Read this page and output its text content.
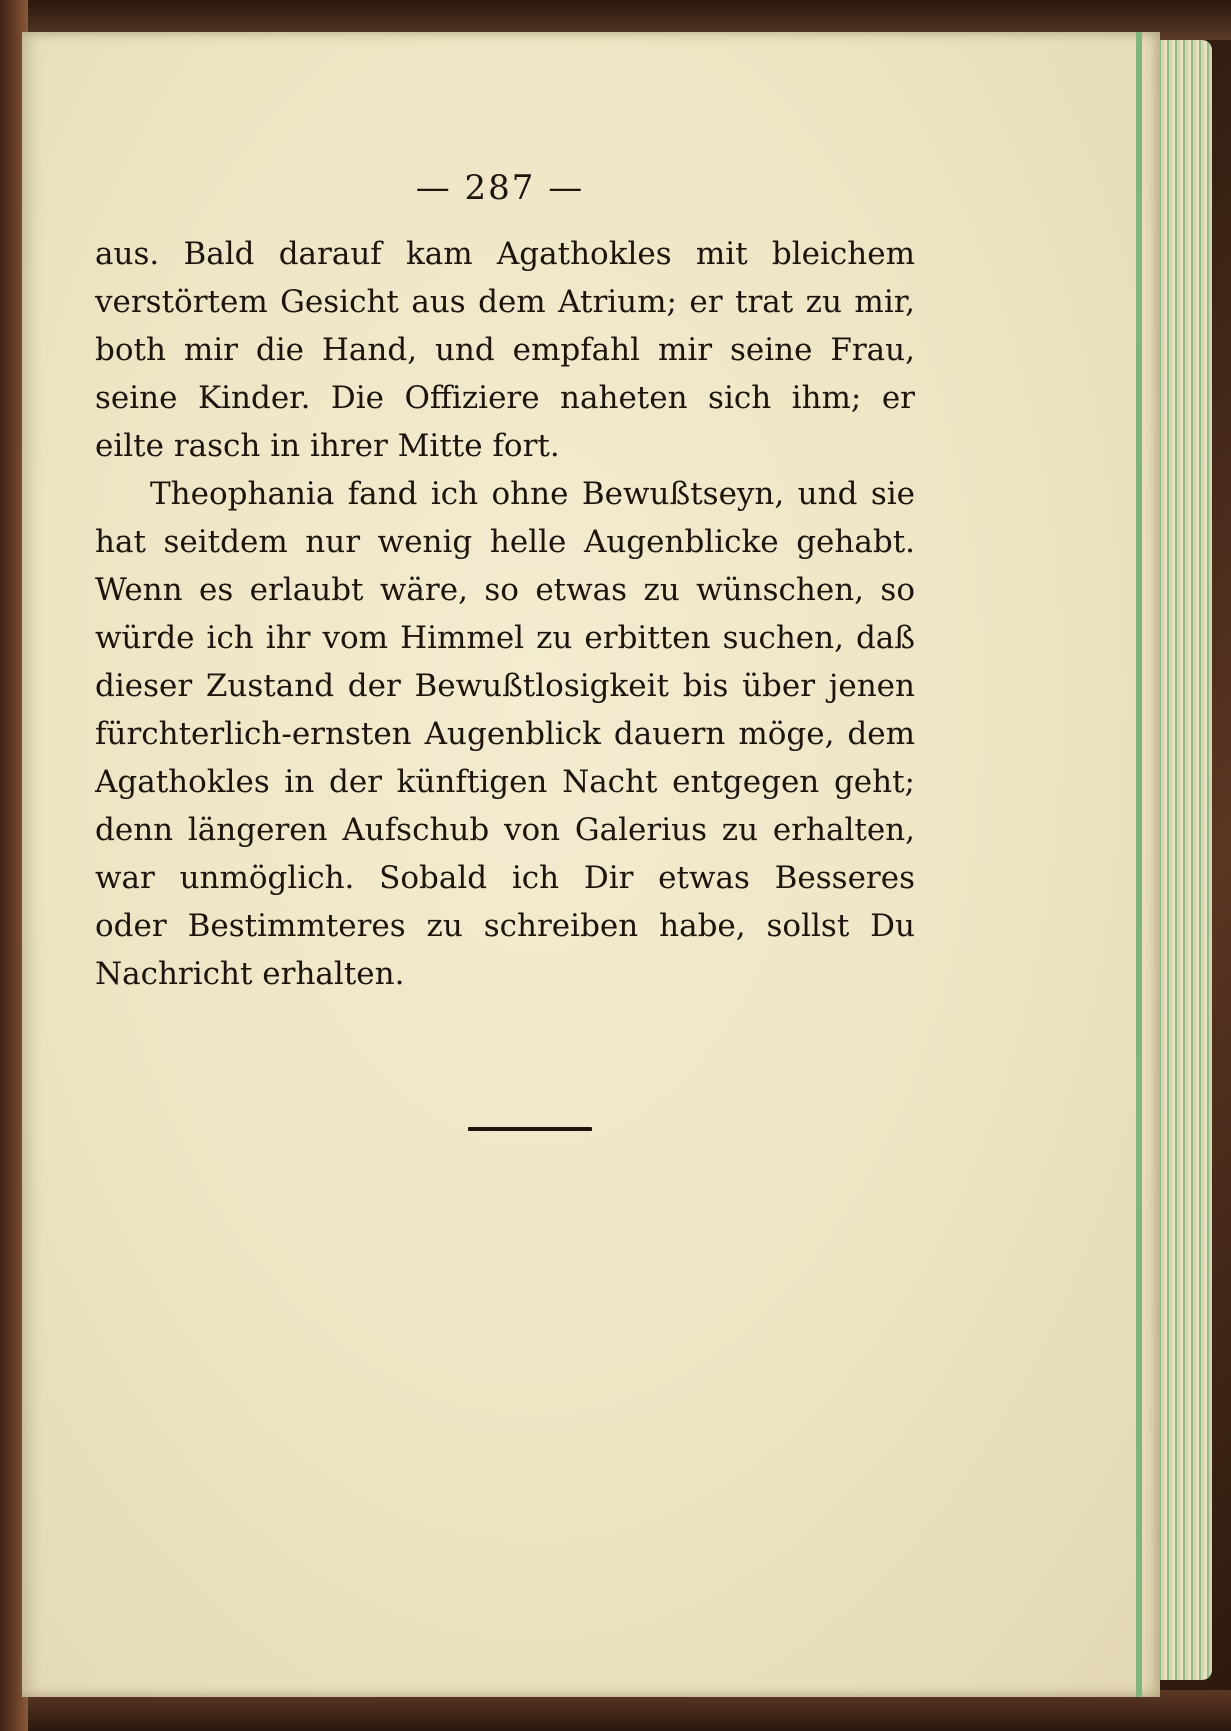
— 287 —
aus. Bald darauf kam Agathokles mit bleichem
verstörtem Gesicht aus dem Atrium; er trat zu mir,
both mir die Hand, und empfahl mir seine Frau,
seine Kinder. Die Offiziere naheten sich ihm; er
eilte rasch in ihrer Mitte fort.
Theophania fand ich ohne Bewußtseyn, und sie
hat seitdem nur wenig helle Augenblicke gehabt.
Wenn es erlaubt wäre, so etwas zu wünschen, so
würde ich ihr vom Himmel zu erbitten suchen, daß
dieser Zustand der Bewußtlosigkeit bis über jenen
fürchterlich-ernsten Augenblick dauern möge, dem
Agathokles in der künftigen Nacht entgegen geht;
denn längeren Aufschub von Galerius zu erhalten,
war unmöglich. Sobald ich Dir etwas Besseres
oder Bestimmteres zu schreiben habe, sollst Du
Nachricht erhalten.
